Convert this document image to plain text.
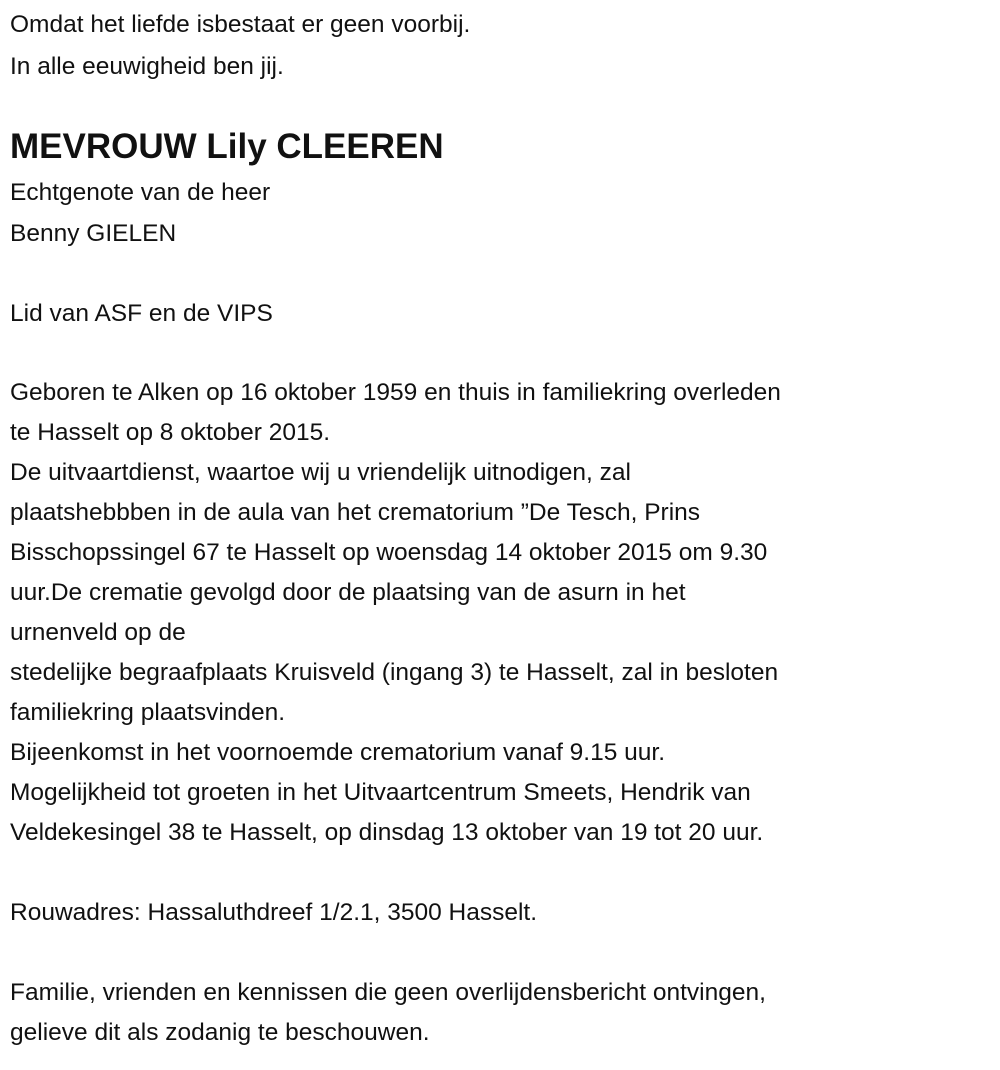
Omdat het liefde isbestaat er geen voorbij.
In alle eeuwigheid ben jij.
MEVROUW Lily CLEEREN
Echtgenote van de heer
Benny GIELEN
Lid van ASF en de VIPS
Geboren te Alken op 16 oktober 1959 en thuis in familiekring overleden
te Hasselt op 8 oktober 2015.
De uitvaartdienst, waartoe wij u vriendelijk uitnodigen, zal
plaatshebbben in de aula van het crematorium ”De Tesch, Prins
Bisschopssingel 67 te Hasselt op woensdag 14 oktober 2015 om 9.30
uur.De crematie gevolgd door de plaatsing van de asurn in het
urnenveld op de
stedelijke begraafplaats Kruisveld (ingang 3) te Hasselt, zal in besloten
familiekring plaatsvinden.
Bijeenkomst in het voornoemde crematorium vanaf 9.15 uur.
Mogelijkheid tot groeten in het Uitvaartcentrum Smeets, Hendrik van
Veldekesingel 38 te Hasselt, op dinsdag 13 oktober van 19 tot 20 uur.
Rouwadres: Hassaluthdreef 1/2.1, 3500 Hasselt.
Familie, vrienden en kennissen die geen overlijdensbericht ontvingen,
gelieve dit als zodanig te beschouwen.
